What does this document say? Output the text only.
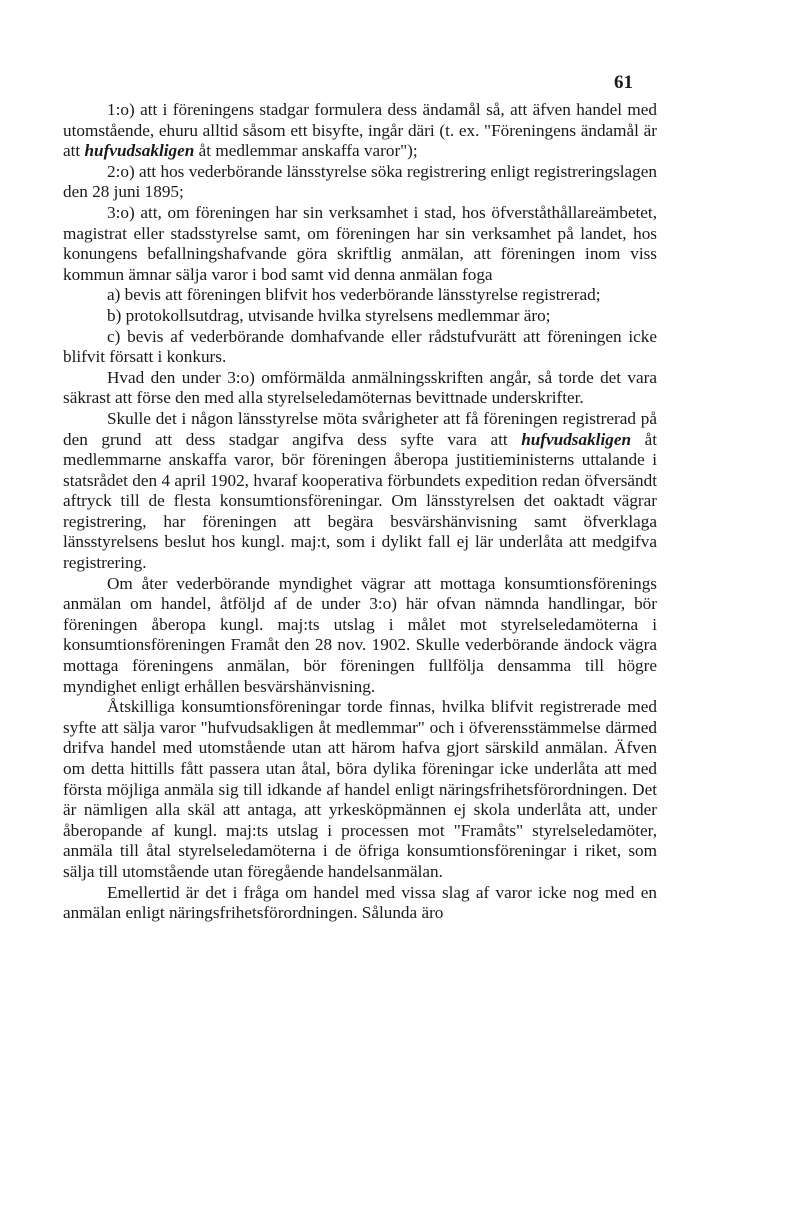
61

1:o) att i föreningens stadgar formulera dess ändamål så, att äfven handel med utomstående, ehuru alltid såsom ett bisyfte, ingår däri (t. ex. "Föreningens ändamål är att hufvudsakligen åt medlemmar anskaffa varor");

2:o) att hos vederbörande länsstyrelse söka registrering enligt registreringslagen den 28 juni 1895;

3:o) att, om föreningen har sin verksamhet i stad, hos öfverståthållareämbetet, magistrat eller stadsstyrelse samt, om föreningen har sin verksamhet på landet, hos konungens befallningshafvande göra skriftlig anmälan, att föreningen inom viss kommun ämnar sälja varor i bod samt vid denna anmälan foga

a) bevis att föreningen blifvit hos vederbörande länsstyrelse registrerad;

b) protokollsutdrag, utvisande hvilka styrelsens medlemmar äro;

c) bevis af vederbörande domhafvande eller rådstufvurätt att föreningen icke blifvit försatt i konkurs.

Hvad den under 3:o) omförmälda anmälningsskriften angår, så torde det vara säkrast att förse den med alla styrelseledamöternas bevittnade underskrifter.

Skulle det i någon länsstyrelse möta svårigheter att få föreningen registrerad på den grund att dess stadgar angifva dess syfte vara att hufvudsakligen åt medlemmarne anskaffa varor, bör föreningen åberopa justitieministerns uttalande i statsrådet den 4 april 1902, hvaraf kooperativa förbundets expedition redan öfversändt aftryck till de flesta konsumtionsföreningar. Om länsstyrelsen det oaktadt vägrar registrering, har föreningen att begära besvärshänvisning samt öfverklaga länsstyrelsens beslut hos kungl. maj:t, som i dylikt fall ej lär underlåta att medgifva registrering.

Om åter vederbörande myndighet vägrar att mottaga konsumtionsförenings anmälan om handel, åtföljd af de under 3:o) här ofvan nämnda handlingar, bör föreningen åberopa kungl. maj:ts utslag i målet mot styrelseledamöterna i konsumtionsföreningen Framåt den 28 nov. 1902. Skulle vederbörande ändock vägra mottaga föreningens anmälan, bör föreningen fullfölja densamma till högre myndighet enligt erhållen besvärshänvisning.

Åtskilliga konsumtionsföreningar torde finnas, hvilka blifvit registrerade med syfte att sälja varor "hufvudsakligen åt medlemmar" och i öfverensstämmelse därmed drifva handel med utomstående utan att härom hafva gjort särskild anmälan. Äfven om detta hittills fått passera utan åtal, böra dylika föreningar icke underlåta att med första möjliga anmäla sig till idkande af handel enligt näringsfrihetsförordningen. Det är nämligen alla skäl att antaga, att yrkesköpmännen ej skola underlåta att, under åberopande af kungl. maj:ts utslag i processen mot "Framåts" styrelseledamöter, anmäla till åtal styrelseledamöterna i de öfriga konsumtionsföreningar i riket, som sälja till utomstående utan föregående handelsanmälan.

Emellertid är det i fråga om handel med vissa slag af varor icke nog med en anmälan enligt näringsfrihetsförordningen. Sålunda äro
